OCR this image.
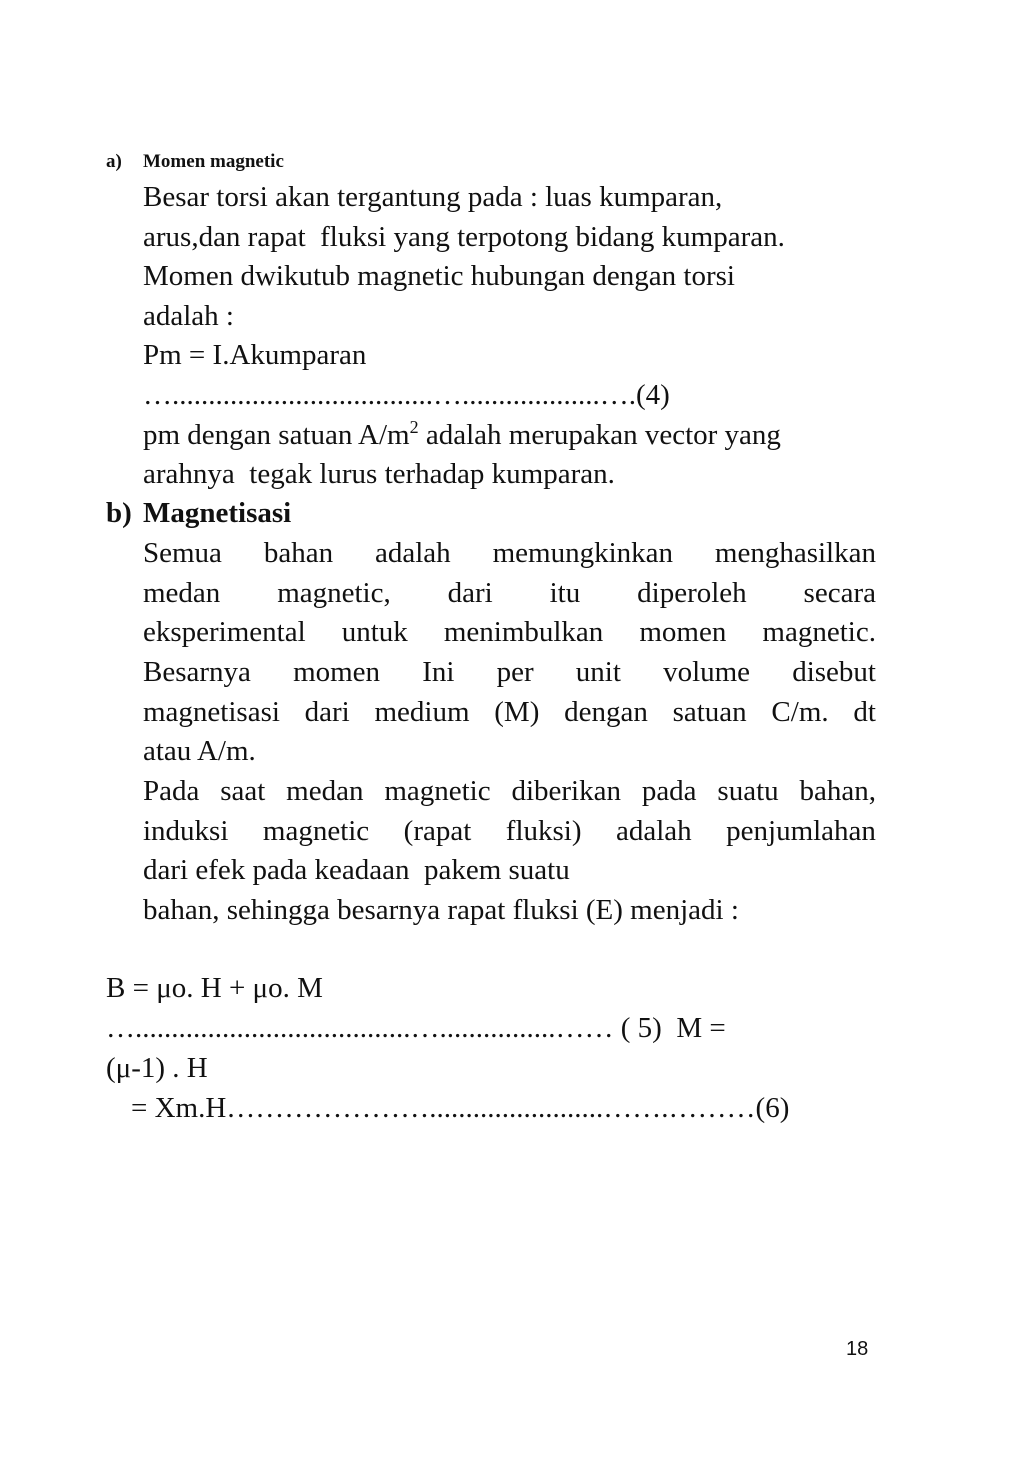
a) Momen magnetic
Besar torsi akan tergantung pada : luas kumparan,
arus,dan rapat  fluksi yang terpotong bidang kumparan.
Momen dwikutub magnetic hubungan dengan torsi
adalah :
Pm = I.Akumparan
…....................................…...................….(4)
pm dengan satuan $A/m^2$ adalah merupakan vector yang
arahnya  tegak lurus terhadap kumparan.
b) Magnetisasi
Semua bahan adalah memungkinkan menghasilkan
medan magnetic, dari itu diperoleh secara
eksperimental untuk menimbulkan momen magnetic.
Besarnya momen Ini per unit volume disebut
magnetisasi dari medium (M) dengan satuan C/m. dt
atau A/m.
Pada saat medan magnetic diberikan pada suatu bahan,
induksi magnetic (rapat fluksi) adalah penjumlahan
dari efek pada keadaan  pakem suatu
bahan, sehingga besarnya rapat fluksi (E) menjadi :
B = μo. H + μo. M
…......................................…................…… ( 5)  M =
(μ-1) . H
= Xm.H…………………........................…….………(6)
18
